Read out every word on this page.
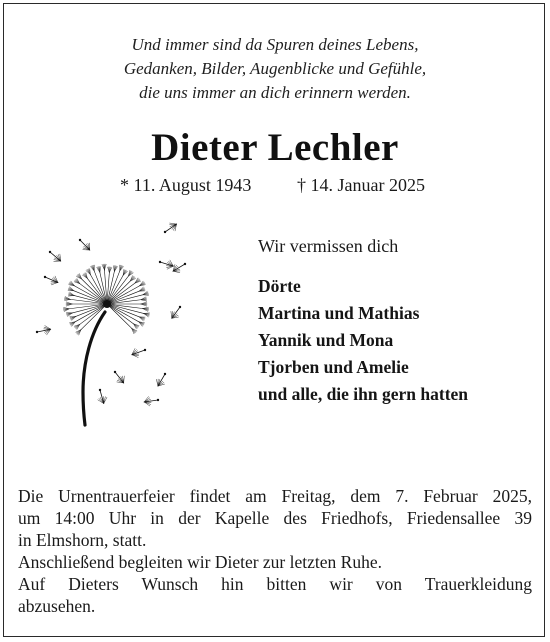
Und immer sind da Spuren deines Lebens,
Gedanken, Bilder, Augenblicke und Gefühle,
die uns immer an dich erinnern werden.
Dieter Lechler
* 11. August 1943	† 14. Januar 2025
Wir vermissen dich
Dörte
Martina und Mathias
Yannik und Mona
Tjorben und Amelie
und alle, die ihn gern hatten
Die Urnentrauerfeier findet am Freitag, dem 7. Februar 2025,
um 14:00 Uhr in der Kapelle des Friedhofs, Friedensallee 39
in Elmshorn, statt.
Anschließend begleiten wir Dieter zur letzten Ruhe.
Auf Dieters Wunsch hin bitten wir von Trauerkleidung
abzusehen.
